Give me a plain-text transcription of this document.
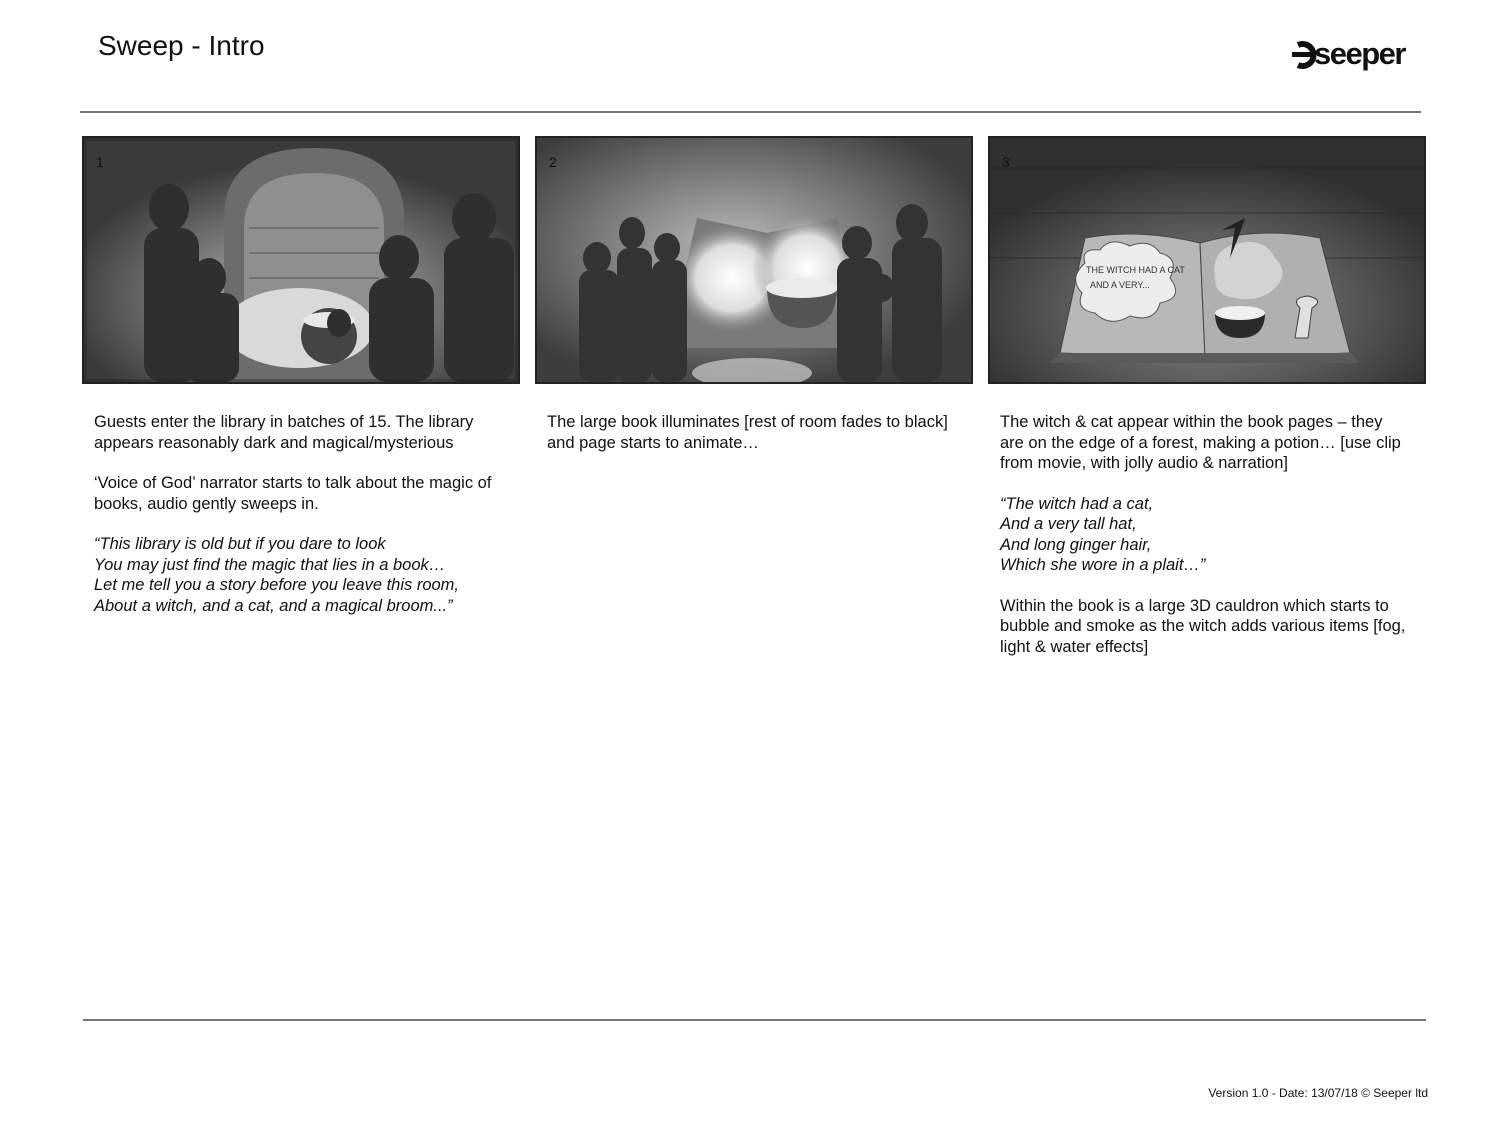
Sweep - Intro	seeper
1	2
THE WITCH HAD A CAT
AND A VERY...
3

Guests enter the library in batches of 15. The library appears reasonably dark and magical/mysterious

‘Voice of God’ narrator starts to talk about the magic of books, audio gently sweeps in.

“This library is old but if you dare to look
You may just find the magic that lies in a book…
Let me tell you a story before you leave this room,
About a witch, and a cat, and a magical broom...”

The large book illuminates [rest of room fades to black] and page starts to animate…

The witch & cat appear within the book pages – they are on the edge of a forest, making a potion… [use clip from movie, with jolly audio & narration]

“The witch had a cat,
And a very tall hat,
And long ginger hair,
Which she wore in a plait…”

Within the book is a large 3D cauldron which starts to bubble and smoke as the witch adds various items [fog, light & water effects]

Version 1.0 - Date: 13/07/18 © Seeper ltd
